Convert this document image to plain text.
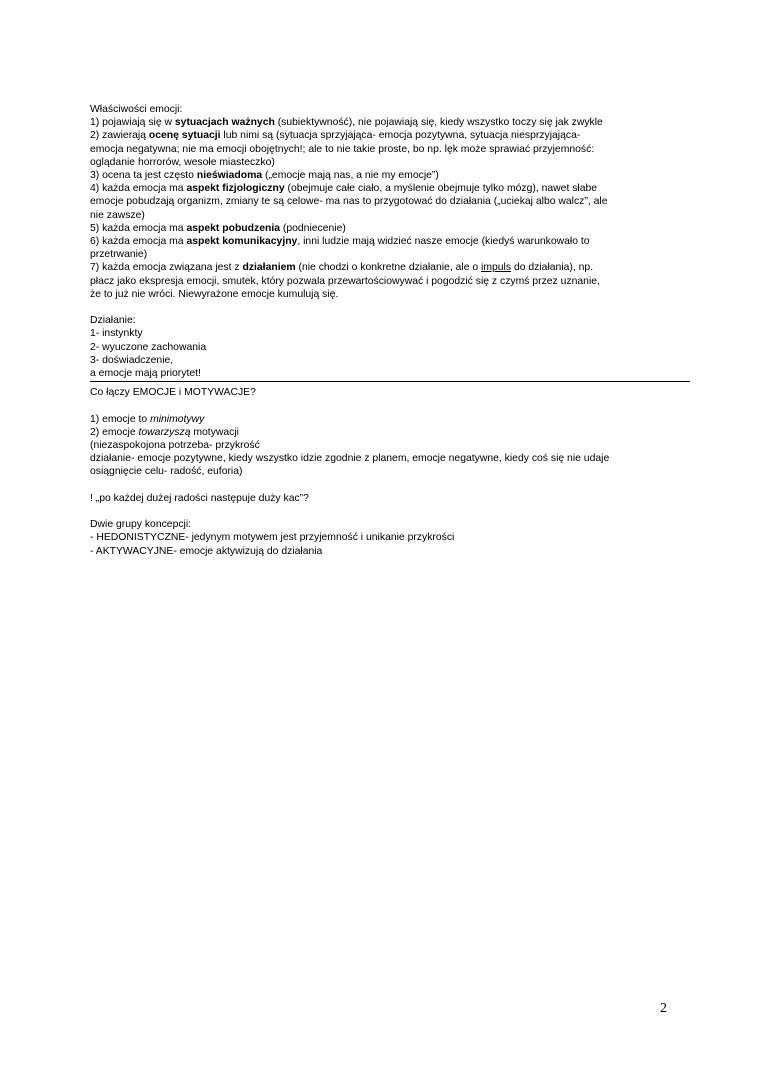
Właściwości emocji:
1) pojawiają się w sytuacjach ważnych (subiektywność), nie pojawiają się, kiedy wszystko toczy się jak zwykle
2) zawierają ocenę sytuacji lub nimi są (sytuacja sprzyjająca- emocja pozytywna, sytuacja niesprzyjająca-
emocja negatywna; nie ma emocji obojętnych!; ale to nie takie proste, bo np. lęk może sprawiać przyjemność:
oglądanie horrorów, wesołe miasteczko)
3) ocena ta jest często nieświadoma („emocje mają nas, a nie my emocje”)
4) każda emocja ma aspekt fizjologiczny (obejmuje całe ciało, a myślenie obejmuje tylko mózg), nawet słabe
emocje pobudzają organizm, zmiany te są celowe- ma nas to przygotować do działania („uciekaj albo walcz”, ale
nie zawsze)
5) każda emocja ma aspekt pobudzenia (podniecenie)
6) każda emocja ma aspekt komunikacyjny, inni ludzie mają widzieć nasze emocje (kiedyś warunkowało to
przetrwanie)
7) każda emocja związana jest z działaniem (nie chodzi o konkretne działanie, ale o impuls do działania), np.
płacz jako ekspresja emocji, smutek, który pozwala przewartościowywać i pogodzić się z czymś przez uznanie,
że to już nie wróci. Niewyrażone emocje kumulują się.
Działanie:
1- instynkty
2- wyuczone zachowania
3- doświadczenie,
a emocje mają priorytet!
Co łączy EMOCJE i MOTYWACJE?
1) emocje to minimotywy
2) emocje towarzyszą motywacji
(niezaspokojona potrzeba- przykrość
działanie- emocje pozytywne, kiedy wszystko idzie zgodnie z planem, emocje negatywne, kiedy coś się nie udaje
osiągnięcie celu- radość, euforia)
! „po każdej dużej radości następuje duży kac”?
Dwie grupy koncepcji:
- HEDONISTYCZNE- jedynym motywem jest przyjemność i unikanie przykrości
- AKTYWACYJNE- emocje aktywizują do działania
2
